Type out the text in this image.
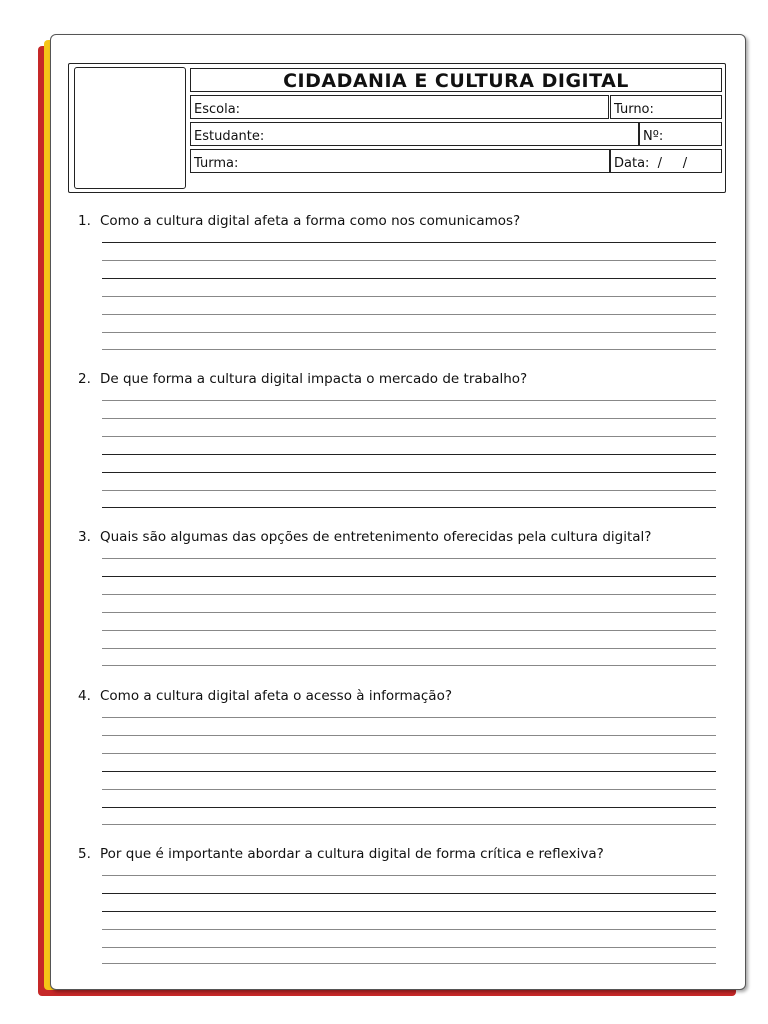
CIDADANIA E CULTURA DIGITAL
Escola:	Turno:
Estudante:	Nº:
Turma:	Data:  /     /
1. Como a cultura digital afeta a forma como nos comunicamos?
2. De que forma a cultura digital impacta o mercado de trabalho?
3. Quais são algumas das opções de entretenimento oferecidas pela cultura digital?
4. Como a cultura digital afeta o acesso à informação?
5. Por que é importante abordar a cultura digital de forma crítica e reflexiva?
